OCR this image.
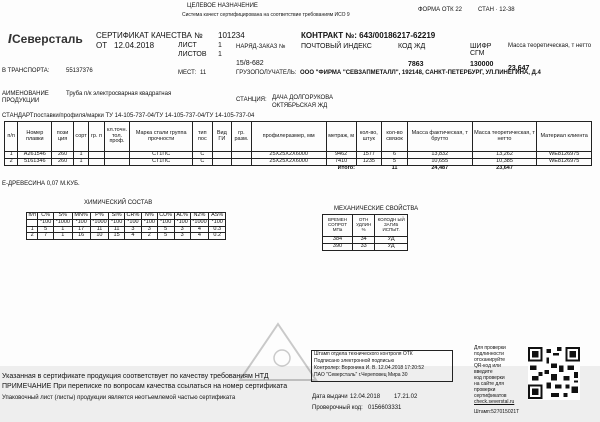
ЦЕЛЕВОЕ НАЗНАЧЕНИЕ
Система качест сертифицирована на соответствие требованиям ИСО 9
ФОРМА ОТК 22	СТАН · 12-38
Северсталь СЕРТИФИКАТ КАЧЕСТВА № 101234	КОНТРАКТ №: 643/00186217-62219
ОТ 12.04.2018	ЛИСТ	1
ЛИСТОВ 1
НАРЯД-ЗАКАЗ №
15/8-682
ПОЧТОВЫЙ ИНДЕКС	КОД ЖД
7863
ШИФР СГМ
130000
Масса теоретическая, т нетто
23,647
В ТРАНСПОРТА:	55137376	МЕСТ: 11	ГРУЗОПОЛУЧАТЕЛЬ: ООО "ФИРМА "СЕВЗАПМЕТАЛЛ", 192148, САНКТ-ПЕТЕРБУРГ, УЛ.ПИНЕГИНА, Д.4
АИМЕНОВАНИЕ
ПРОДУКЦИИ
Труба п/к электросварная квадратная
СТАНЦИЯ: ДАЧА ДОЛГОРУКОВА
ОКТЯБРЬСКАЯ ЖД
СТАНДАРТ:
поставки/профиля/марки ТУ 14-105-737-04/ТУ 14-105-737-04/ТУ 14-105-737-04
п/п	Номер плавки	пози ция	сорт	гр. п	кл.точн. тол. проф.	Марка стали группа прочности	тип пос	Вид ГИ	гр. разм.	профилеразмер, мм	метраж, м	кол-во, штук	кол-во связок	Масса фактическая, т брутто	Масса теоретическая, т нетто	Материал клиента
1	А261546	260	1			СТ1ПС	С			25Х25Х2Х6000	9462	1577	6	13,832	13,262	WE8126975
2	5161346	260	1			СТ1ПС	С			25Х25Х2Х6000	7410	1235	5	10,655	10,385	WE8126975
Итого:													11	24,487	23,647	
Е-ДРЕВЕСИНА 0,07 М.КУБ.
ХИМИЧЕСКИЙ СОСТАВ
п/п	С%	S%	MN%	P%	SI%	CR%	N%	CU%	AL%	N2%	AS%
	*100	*1000	*100	*1000	*100	*100	*100	*100	*100	*1000	*100
1	5	1	17	11	11	3	3	5	3	4	0.3
2	7	1	16	10	15	4	2	5	3	4	0.2
МЕХАНИЧЕСКИЕ СВОЙСТВА
ВРЕМЕН СОПРОТ МПа	ОТН УДЛИН %	КОЛОДН ЫЙ ЗАГИБ ИСПЫТ.
384	34	УД
390	33	УД
Штамп отдела технического контроля ОТК
Подписано электронной подписью
Контролер: Воронина И. В. 12.04.2018 17:20:52
ПАО "Северсталь" г.Череповец Мира 30
Для проверки
подлинности
отсканируйте
QR-код или
введите
код проверки
на сайте для
проверки
сертификатов
check.severstal.ru
Штамп:527015021Т
Указанная в сертификате продукция соответствует по качеству требованиям НТД
ПРИМЕЧАНИЕ При переписке по вопросам качества ссылаться на номер сертификата
Упаковочный лист (листы) продукции является неотъемлемой частью сертификата	Дата выдачи 12.04.2018 17.21.02
Проверочный код: 0156603331
